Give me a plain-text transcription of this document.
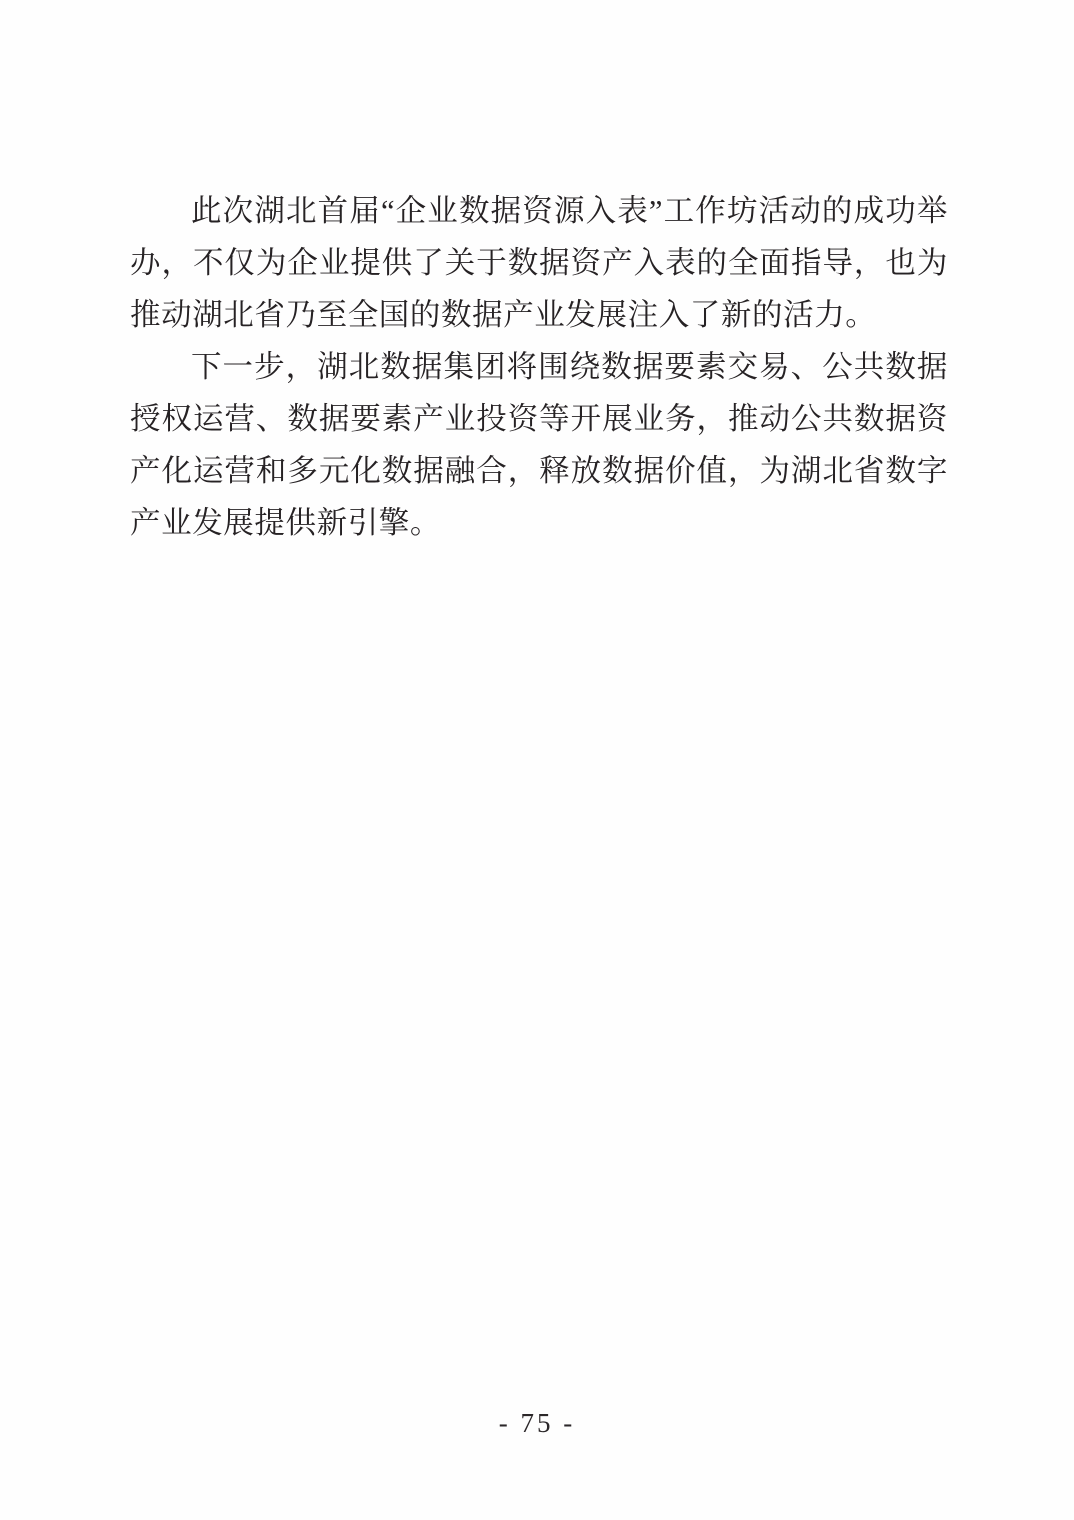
此次湖北首届“企业数据资源入表”工作坊活动的成功举办，不仅为企业提供了关于数据资产入表的全面指导，也为推动湖北省乃至全国的数据产业发展注入了新的活力。

下一步，湖北数据集团将围绕数据要素交易、公共数据授权运营、数据要素产业投资等开展业务，推动公共数据资产化运营和多元化数据融合，释放数据价值，为湖北省数字产业发展提供新引擎。

- 75 -
